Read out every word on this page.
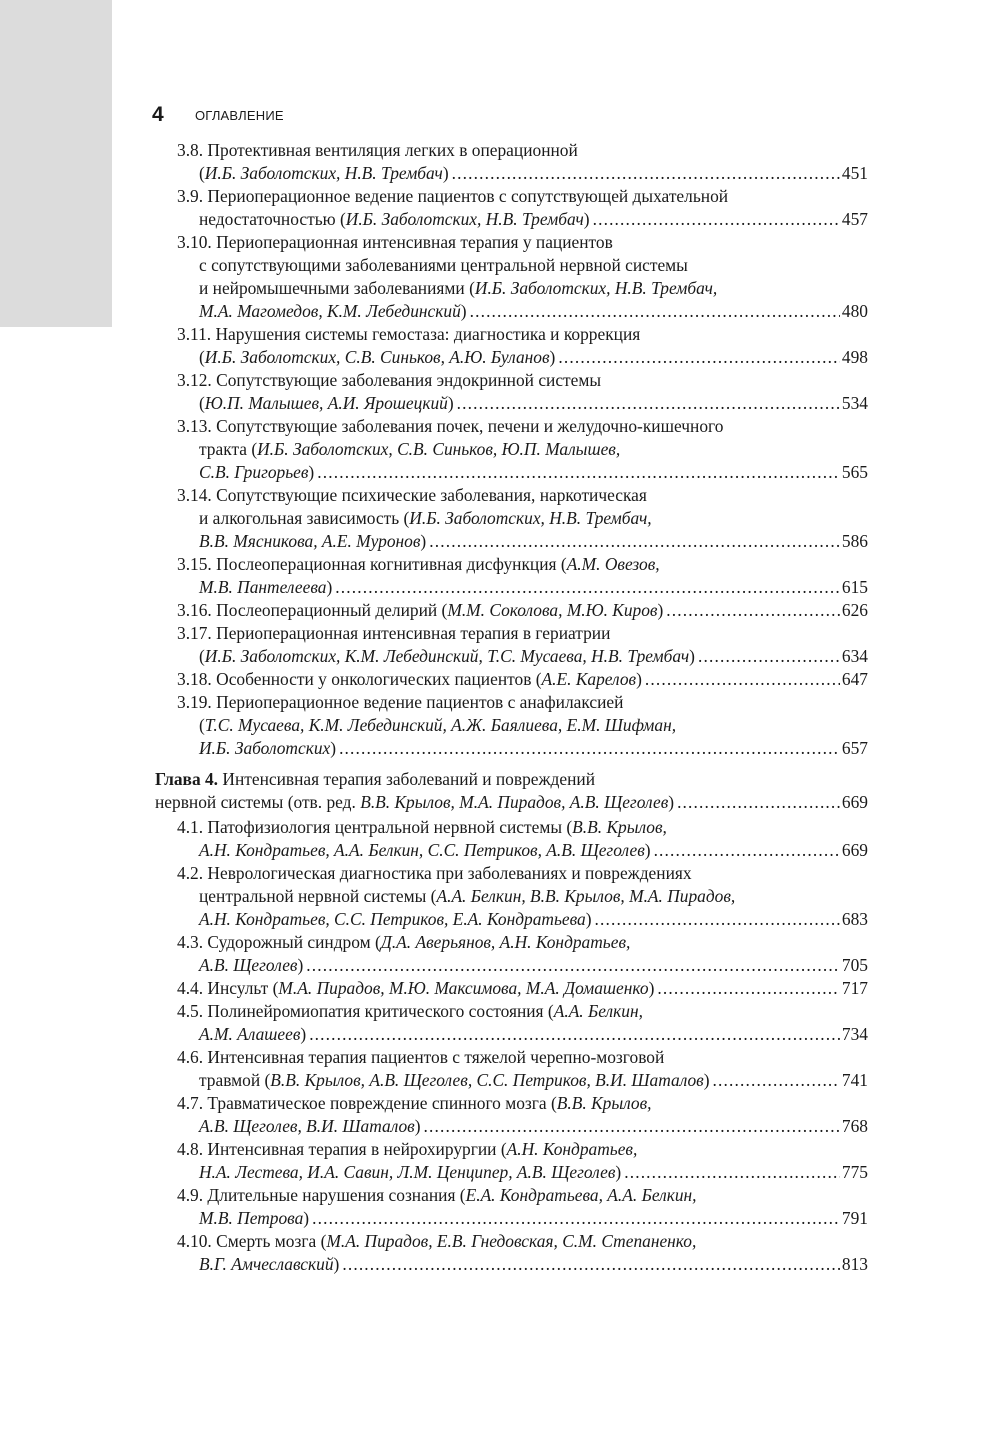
4 ОГЛАВЛЕНИЕ
3.8. Протективная вентиляция легких в операционной
(И.Б. Заболотских, Н.В. Трембач) . . .	451
3.9. Периоперационное ведение пациентов с сопутствующей дыхательной
недостаточностью (И.Б. Заболотских, Н.В. Трембач) . . .	457
3.10. Периоперационная интенсивная терапия у пациентов
с сопутствующими заболеваниями центральной нервной системы
и нейромышечными заболеваниями (И.Б. Заболотских, Н.В. Трембач,
М.А. Магомедов, К.М. Лебединский) . . .	480
3.11. Нарушения системы гемостаза: диагностика и коррекция
(И.Б. Заболотских, С.В. Синьков, А.Ю. Буланов) . . .	498
3.12. Сопутствующие заболевания эндокринной системы
(Ю.П. Малышев, А.И. Ярошецкий) . . .	534
3.13. Сопутствующие заболевания почек, печени и желудочно-кишечного
тракта (И.Б. Заболотских, С.В. Синьков, Ю.П. Малышев,
С.В. Григорьев) . . .	565
3.14. Сопутствующие психические заболевания, наркотическая
и алкогольная зависимость (И.Б. Заболотских, Н.В. Трембач,
В.В. Мясникова, А.Е. Муронов) . . .	586
3.15. Послеоперационная когнитивная дисфункция (А.М. Овезов,
М.В. Пантелеева) . . .	615
3.16. Послеоперационный делирий (М.М. Соколова, М.Ю. Киров) . . .	626
3.17. Периоперационная интенсивная терапия в гериатрии
(И.Б. Заболотских, К.М. Лебединский, Т.С. Мусаева, Н.В. Трембач) . . .	634
3.18. Особенности у онкологических пациентов (А.Е. Карелов) . . .	647
3.19. Периоперационное ведение пациентов с анафилаксией
(Т.С. Мусаева, К.М. Лебединский, А.Ж. Баялиева, Е.М. Шифман,
И.Б. Заболотских) . . .	657
Глава 4. Интенсивная терапия заболеваний и повреждений
нервной системы (отв. ред. В.В. Крылов, М.А. Пирадов, А.В. Щеголев) . . .	669
4.1. Патофизиология центральной нервной системы (В.В. Крылов,
А.Н. Кондратьев, А.А. Белкин, С.С. Петриков, А.В. Щеголев) . . .	669
4.2. Неврологическая диагностика при заболеваниях и повреждениях
центральной нервной системы (А.А. Белкин, В.В. Крылов, М.А. Пирадов,
А.Н. Кондратьев, С.С. Петриков, Е.А. Кондратьева) . . .	683
4.3. Судорожный синдром (Д.А. Аверьянов, А.Н. Кондратьев,
А.В. Щеголев) . . .	705
4.4. Инсульт (М.А. Пирадов, М.Ю. Максимова, М.А. Домашенко) . . .	717
4.5. Полинейромиопатия критического состояния (А.А. Белкин,
А.М. Алашеев) . . .	734
4.6. Интенсивная терапия пациентов с тяжелой черепно-мозговой
травмой (В.В. Крылов, А.В. Щеголев, С.С. Петриков, В.И. Шаталов) . . .	741
4.7. Травматическое повреждение спинного мозга (В.В. Крылов,
А.В. Щеголев, В.И. Шаталов) . . .	768
4.8. Интенсивная терапия в нейрохирургии (А.Н. Кондратьев,
Н.А. Лестева, И.А. Савин, Л.М. Ценципер, А.В. Щеголев) . . .	775
4.9. Длительные нарушения сознания (Е.А. Кондратьева, А.А. Белкин,
М.В. Петрова) . . .	791
4.10. Смерть мозга (М.А. Пирадов, Е.В. Гнедовская, С.М. Степаненко,
В.Г. Амчеславский) . . .	813
